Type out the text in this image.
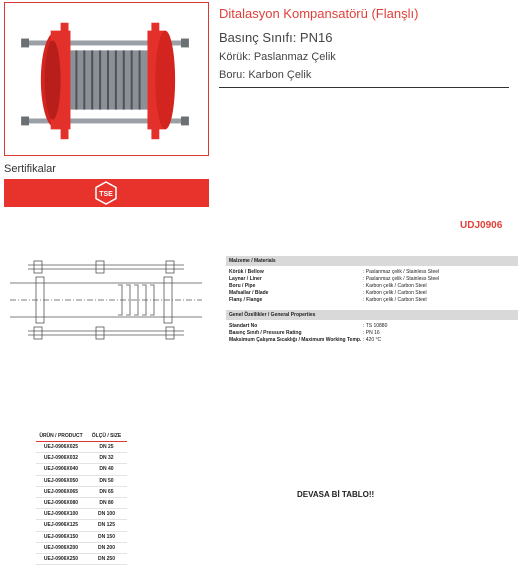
Sertifikalar
TSE
Ditalasyon Kompansatörü (Flanşlı)
Basınç Sınıfı: PN16
Körük: Paslanmaz Çelik
Boru: Karbon Çelik
UDJ0906
Malzeme / Materials
Körük / Bellow	: Paslanmaz çelik / Stainless Steel
Laynar / Liner	: Paslanmaz çelik / Stainless Steel
Boru / Pipe	: Karbon çelik / Carbon Steel
Mafsallar / Blade	: Karbon çelik / Carbon Steel
Flanş / Flange	: Karbon çelik / Carbon Steel
Genel Özellikler / General Properties
Standart No	: TS 10880
Basınç Sınıfı / Pressure Rating	: PN 16
Maksimum Çalışma Sıcaklığı / Maximum Working Temp. : 420 °C
ÜRÜN / PRODUCT	ÖLÇÜ / SIZE
UEJ-0906X025	DN 25
UEJ-0906X032	DN 32
UEJ-0906X040	DN 40
UEJ-0906X050	DN 50
UEJ-0906X065	DN 65
UEJ-0906X080	DN 80
UEJ-0906X100	DN 100
UEJ-0906X125	DN 125
UEJ-0906X150	DN 150
UEJ-0906X200	DN 200
UEJ-0906X250	DN 250
DEVASA Bİ TABLO!!
